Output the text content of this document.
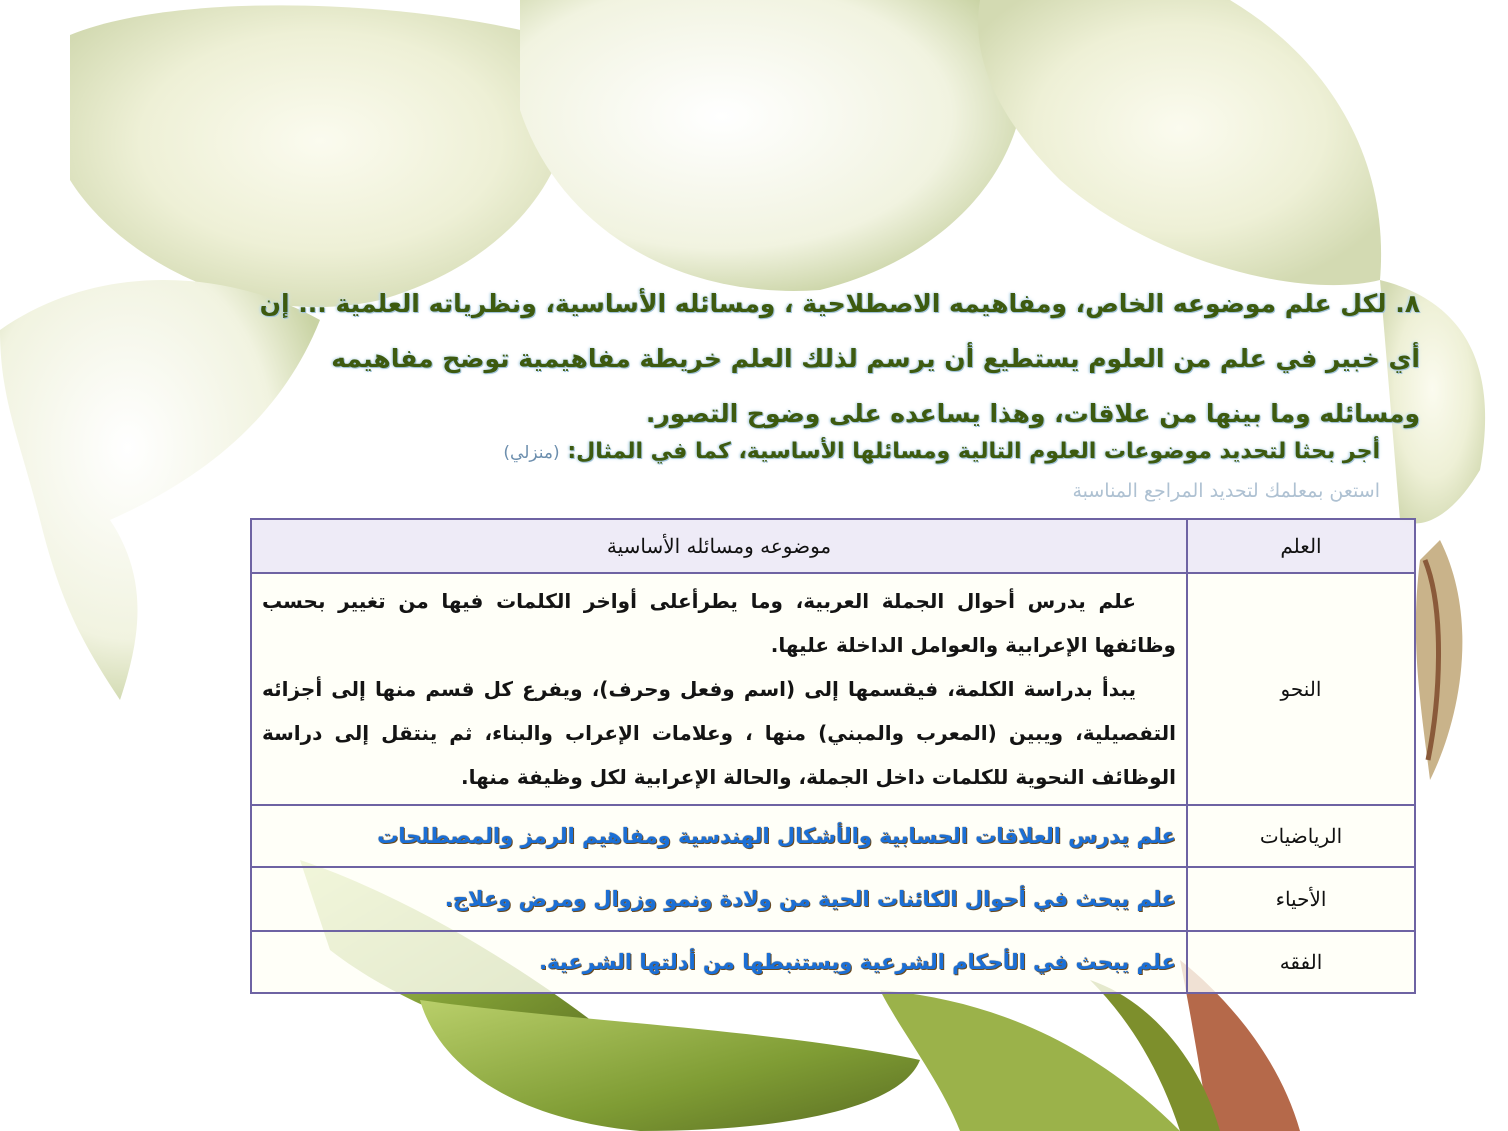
٨. لكل علم موضوعه الخاص، ومفاهيمه الاصطلاحية ، ومسائله الأساسية، ونظرياته العلمية ... إن أي خبير في علم من العلوم يستطيع أن يرسم لذلك العلم خريطة مفاهيمية توضح مفاهيمه ومسائله وما بينها من علاقات، وهذا يساعده على وضوح التصور.
أجر بحثا لتحديد موضوعات العلوم التالية ومسائلها الأساسية، كما في المثال: (منزلي)
استعن بمعلمك لتحديد المراجع المناسبة
العلم	موضوعه ومسائله الأساسية
النحو	علم يدرس أحوال الجملة العربية، وما يطرأعلى أواخر الكلمات فيها من تغيير بحسب وظائفها الإعرابية والعوامل الداخلة عليها.

يبدأ بدراسة الكلمة، فيقسمها إلى (اسم وفعل وحرف)، ويفرع كل قسم منها إلى أجزائه التفصيلية، ويبين (المعرب والمبني) منها ، وعلامات الإعراب والبناء، ثم ينتقل إلى دراسة الوظائف النحوية للكلمات داخل الجملة، والحالة الإعرابية لكل وظيفة منها.

الرياضيات	علم يدرس العلاقات الحسابية والأشكال الهندسية ومفاهيم الرمز والمصطلحات
الأحياء	علم يبحث في أحوال الكائنات الحية من ولادة ونمو وزوال ومرض وعلاج.
الفقه	علم يبحث في الأحكام الشرعية ويستنبطها من أدلتها الشرعية.
